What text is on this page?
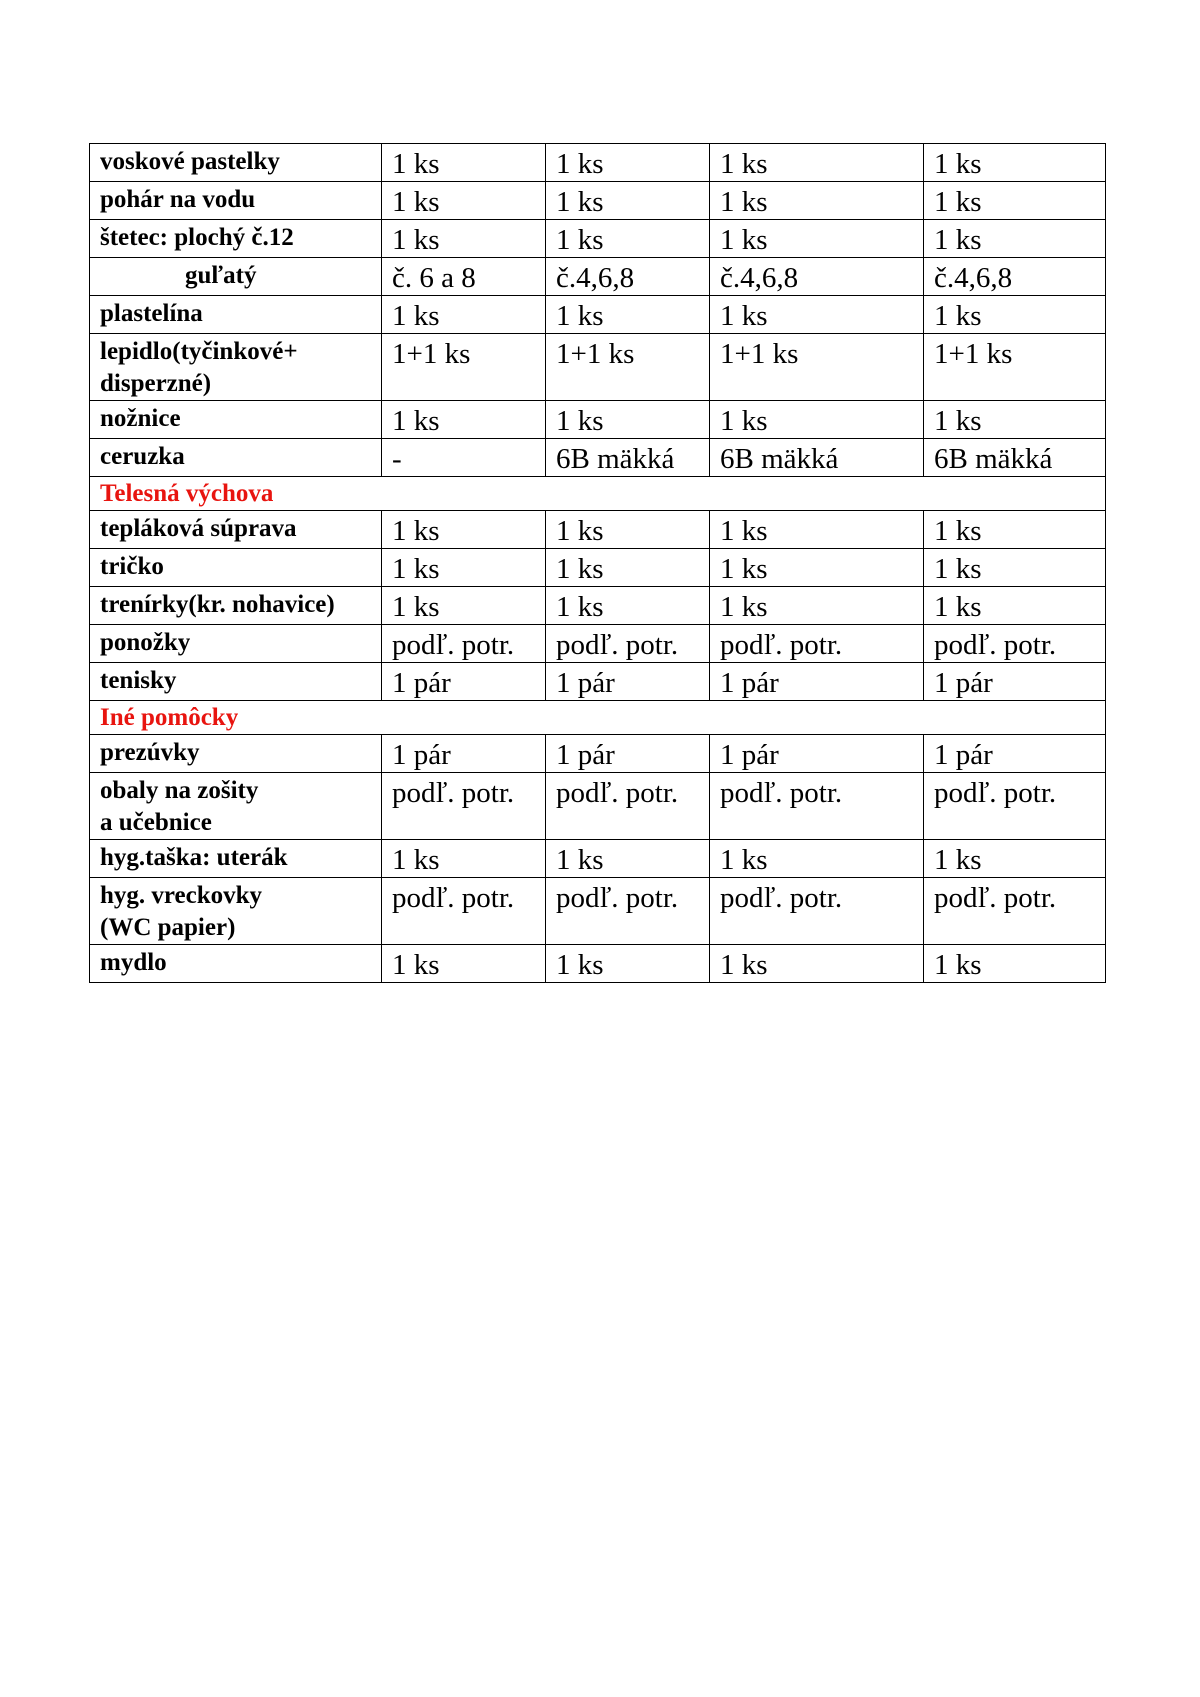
voskové pastelky	1 ks	1 ks	1 ks	1 ks

pohár na vodu	1 ks	1 ks	1 ks	1 ks

štetec: plochý č.12	1 ks	1 ks	1 ks	1 ks

guľatý	č. 6 a 8	č.4,6,8	č.4,6,8	č.4,6,8

plastelína	1 ks	1 ks	1 ks	1 ks

lepidlo(tyčinkové+
disperzné)	1+1 ks	1+1 ks	1+1 ks	1+1 ks

nožnice	1 ks	1 ks	1 ks	1 ks

ceruzka	-	6B mäkká	6B mäkká	6B mäkká
Telesná výchova				

tepláková súprava	1 ks	1 ks	1 ks	1 ks

tričko	1 ks	1 ks	1 ks	1 ks

trenírky(kr. nohavice)	1 ks	1 ks	1 ks	1 ks

ponožky	podľ. potr.	podľ. potr.	podľ. potr.	podľ. potr.

tenisky	1 pár	1 pár	1 pár	1 pár
Iné pomôcky				

prezúvky	1 pár	1 pár	1 pár	1 pár

obaly na zošity
a učebnice	podľ. potr.	podľ. potr.	podľ. potr.	podľ. potr.

hyg.taška: uterák	1 ks	1 ks	1 ks	1 ks

hyg. vreckovky
(WC papier)	podľ. potr.	podľ. potr.	podľ. potr.	podľ. potr.

mydlo	1 ks	1 ks	1 ks	1 ks
